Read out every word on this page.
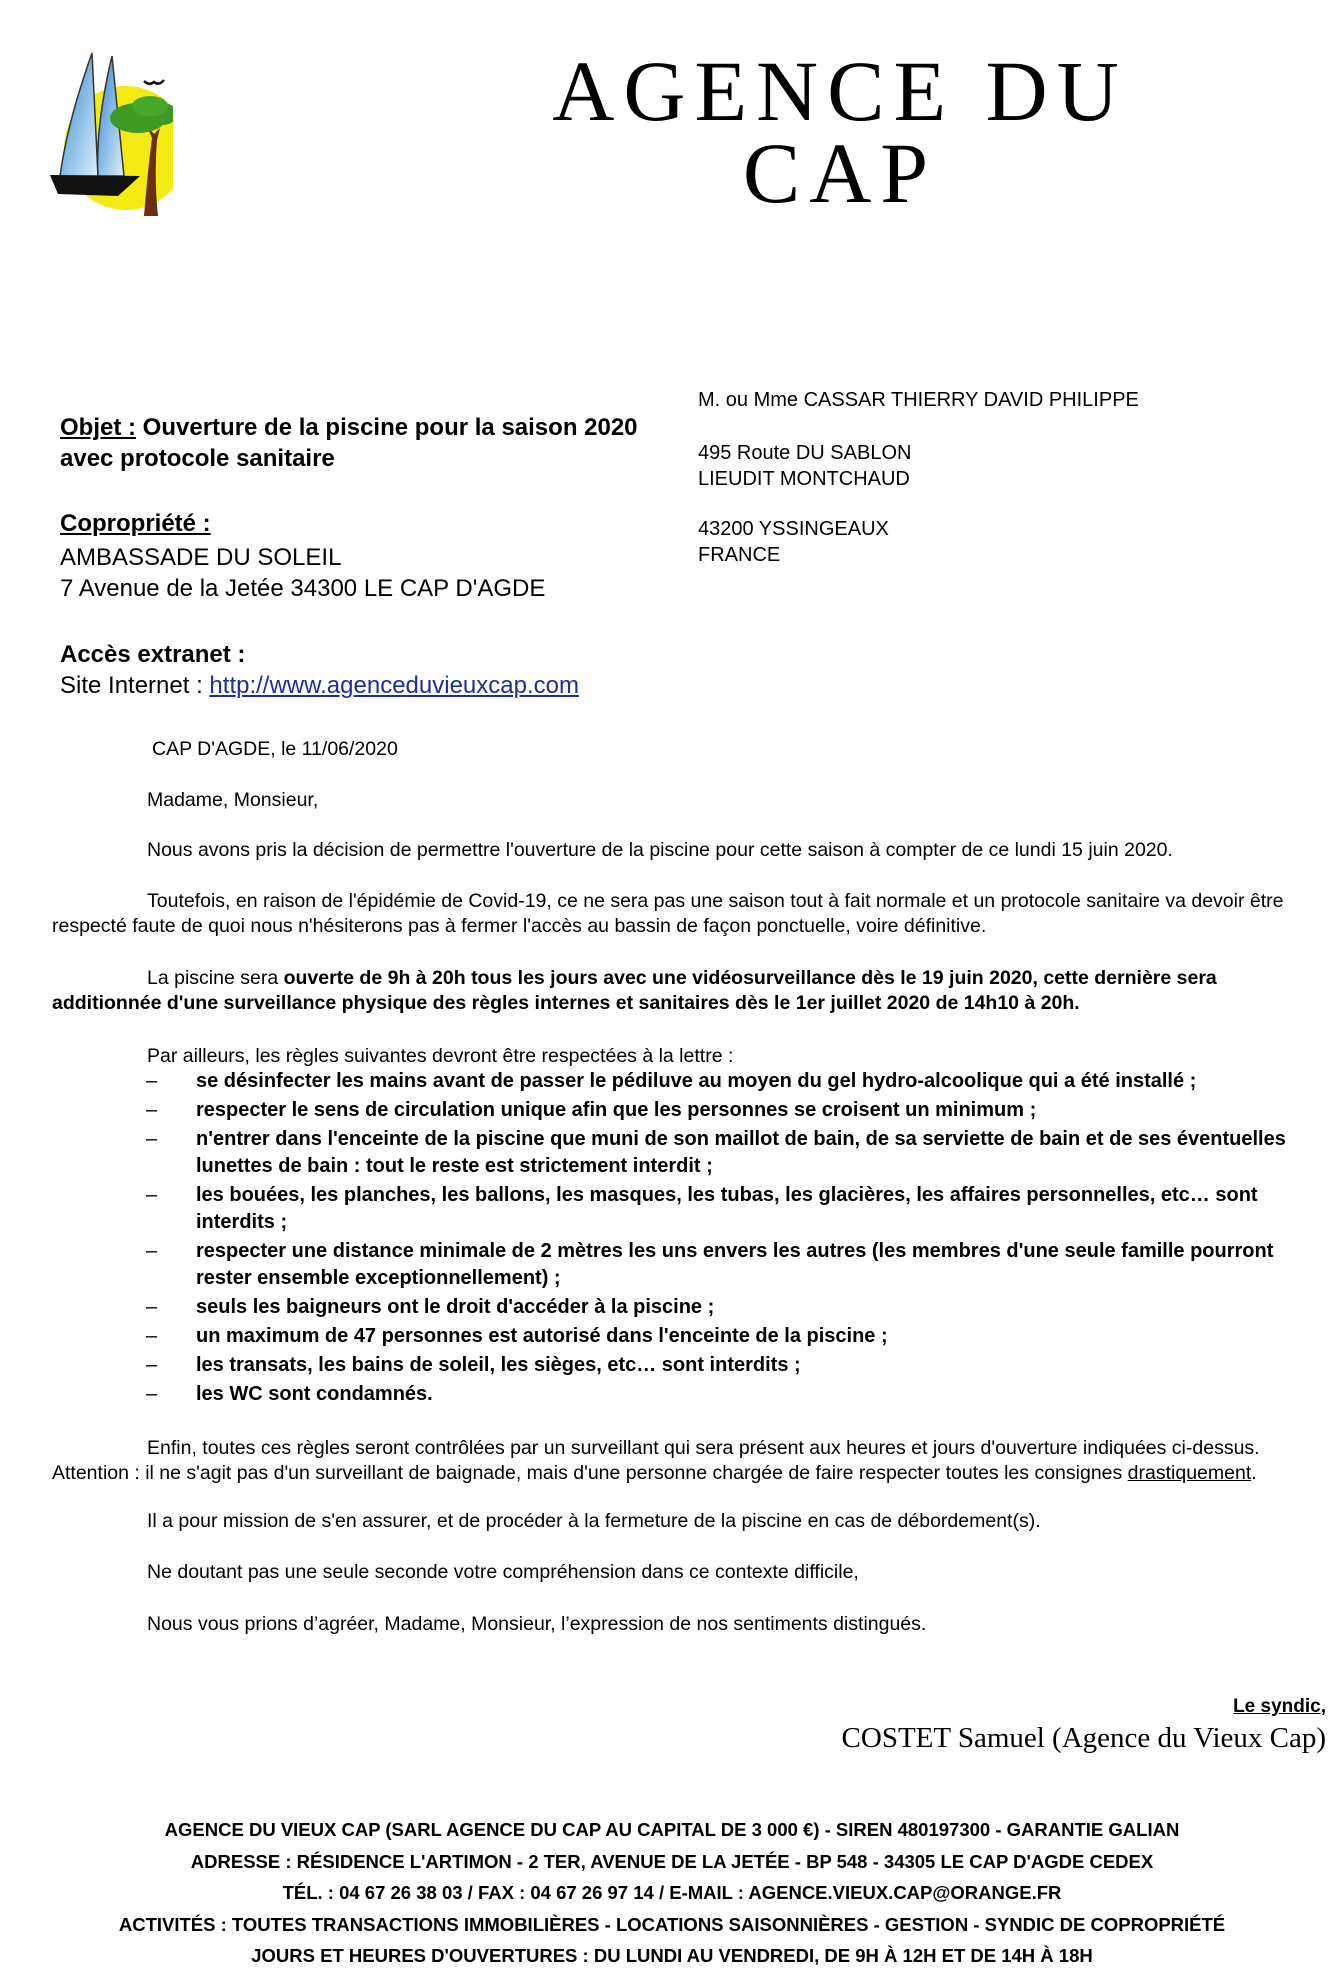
AGENCE DU
CAP
Objet : Ouverture de la piscine pour la saison 2020 avec protocole sanitaire
Copropriété :
AMBASSADE DU SOLEIL
7 Avenue de la Jetée 34300 LE CAP D'AGDE
Accès extranet :
Site Internet : http://www.agenceduvieuxcap.com
M. ou Mme CASSAR THIERRY DAVID PHILIPPE
495 Route DU SABLON
LIEUDIT MONTCHAUD
43200 YSSINGEAUX
FRANCE
CAP D'AGDE, le 11/06/2020
Madame, Monsieur,
Nous avons pris la décision de permettre l'ouverture de la piscine pour cette saison à compter de ce lundi 15 juin 2020.
Toutefois, en raison de l'épidémie de Covid-19, ce ne sera pas une saison tout à fait normale et un protocole sanitaire va devoir être respecté faute de quoi nous n'hésiterons pas à fermer l'accès au bassin de façon ponctuelle, voire définitive.
La piscine sera ouverte de 9h à 20h tous les jours avec une vidéosurveillance dès le 19 juin 2020, cette dernière sera additionnée d'une surveillance physique des règles internes et sanitaires dès le 1er juillet 2020 de 14h10 à 20h.
Par ailleurs, les règles suivantes devront être respectées à la lettre :
– se désinfecter les mains avant de passer le pédiluve au moyen du gel hydro-alcoolique qui a été installé ;
– respecter le sens de circulation unique afin que les personnes se croisent un minimum ;
– n'entrer dans l'enceinte de la piscine que muni de son maillot de bain, de sa serviette de bain et de ses éventuelles lunettes de bain : tout le reste est strictement interdit ;
– les bouées, les planches, les ballons, les masques, les tubas, les glacières, les affaires personnelles, etc… sont interdits ;
– respecter une distance minimale de 2 mètres les uns envers les autres (les membres d'une seule famille pourront rester ensemble exceptionnellement) ;
– seuls les baigneurs ont le droit d'accéder à la piscine ;
– un maximum de 47 personnes est autorisé dans l'enceinte de la piscine ;
– les transats, les bains de soleil, les sièges, etc… sont interdits ;
– les WC sont condamnés.
Enfin, toutes ces règles seront contrôlées par un surveillant qui sera présent aux heures et jours d'ouverture indiquées ci-dessus. Attention : il ne s'agit pas d'un surveillant de baignade, mais d'une personne chargée de faire respecter toutes les consignes drastiquement.
Il a pour mission de s'en assurer, et de procéder à la fermeture de la piscine en cas de débordement(s).
Ne doutant pas une seule seconde votre compréhension dans ce contexte difficile,
Nous vous prions d’agréer, Madame, Monsieur, l’expression de nos sentiments distingués.
Le syndic,
COSTET Samuel (Agence du Vieux Cap)
AGENCE DU VIEUX CAP (SARL AGENCE DU CAP AU CAPITAL DE 3 000 €) - SIREN 480197300 - GARANTIE GALIAN
ADRESSE : RÉSIDENCE L'ARTIMON - 2 TER, AVENUE DE LA JETÉE - BP 548 - 34305 LE CAP D'AGDE CEDEX
TÉL. : 04 67 26 38 03 / FAX : 04 67 26 97 14 / E-MAIL : AGENCE.VIEUX.CAP@ORANGE.FR
ACTIVITÉS : TOUTES TRANSACTIONS IMMOBILIÈRES - LOCATIONS SAISONNIÈRES - GESTION - SYNDIC DE COPROPRIÉTÉ
JOURS ET HEURES D'OUVERTURES : DU LUNDI AU VENDREDI, DE 9H À 12H ET DE 14H À 18H
